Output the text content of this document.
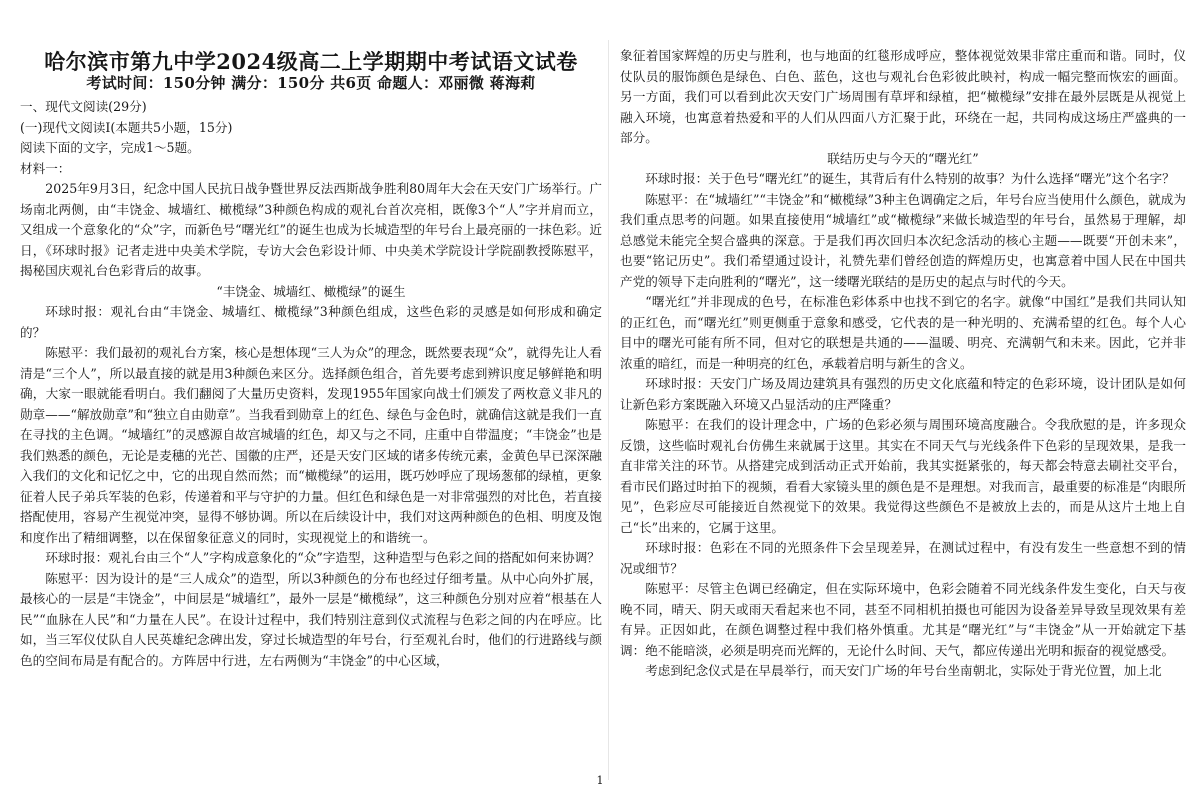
哈尔滨市第九中学2024级高二上学期期中考试语文试卷
考试时间：150分钟 满分：150分 共6页 命题人：邓丽微 蒋海莉

一、现代文阅读(29分)

(一)现代文阅读Ⅰ(本题共5小题，15分)

阅读下面的文字，完成1～5题。

材料一：

2025年9月3日，纪念中国人民抗日战争暨世界反法西斯战争胜利80周年大会在天安门广场举行。广场南北两侧，由“丰饶金、城墙红、橄榄绿”3种颜色构成的观礼台首次亮相，既像3个“人”字并肩而立，又组成一个意象化的“众”字，而新色号“曙光红”的诞生也成为长城造型的年号台上最亮丽的一抹色彩。近日，《环球时报》记者走进中央美术学院，专访大会色彩设计师、中央美术学院设计学院副教授陈慰平，揭秘国庆观礼台色彩背后的故事。

“丰饶金、城墙红、橄榄绿”的诞生

环球时报：观礼台由“丰饶金、城墙红、橄榄绿”3种颜色组成，这些色彩的灵感是如何形成和确定的？

陈慰平：我们最初的观礼台方案，核心是想体现“三人为众”的理念，既然要表现“众”，就得先让人看清是“三个人”，所以最直接的就是用3种颜色来区分。选择颜色组合，首先要考虑到辨识度足够鲜艳和明确，大家一眼就能看明白。我们翻阅了大量历史资料，发现1955年国家向战士们颁发了两枚意义非凡的勋章——“解放勋章”和“独立自由勋章”。当我看到勋章上的红色、绿色与金色时，就确信这就是我们一直在寻找的主色调。“城墙红”的灵感源自故宫城墙的红色，却又与之不同，庄重中自带温度；“丰饶金”也是我们熟悉的颜色，无论是麦穗的光芒、国徽的庄严，还是天安门区域的诸多传统元素，金黄色早已深深融入我们的文化和记忆之中，它的出现自然而然；而“橄榄绿”的运用，既巧妙呼应了现场葱郁的绿植，更象征着人民子弟兵军装的色彩，传递着和平与守护的力量。但红色和绿色是一对非常强烈的对比色，若直接搭配使用，容易产生视觉冲突，显得不够协调。所以在后续设计中，我们对这两种颜色的色相、明度及饱和度作出了精细调整，以在保留象征意义的同时，实现视觉上的和谐统一。

环球时报：观礼台由三个“人”字构成意象化的“众”字造型，这种造型与色彩之间的搭配如何来协调？

陈慰平：因为设计的是“三人成众”的造型，所以3种颜色的分布也经过仔细考量。从中心向外扩展，最核心的一层是“丰饶金”，中间层是“城墙红”，最外一层是“橄榄绿”，这三种颜色分别对应着“根基在人民”“血脉在人民”和“力量在人民”。在设计过程中，我们特别注意到仪式流程与色彩之间的内在呼应。比如，当三军仪仗队自人民英雄纪念碑出发，穿过长城造型的年号台，行至观礼台时，他们的行进路线与颜色的空间布局是有配合的。方阵居中行进，左右两侧为“丰饶金”的中心区域，

象征着国家辉煌的历史与胜利，也与地面的红毯形成呼应，整体视觉效果非常庄重而和谐。同时，仪仗队员的服饰颜色是绿色、白色、蓝色，这也与观礼台色彩彼此映衬，构成一幅完整而恢宏的画面。另一方面，我们可以看到此次天安门广场周围有草坪和绿植，把“橄榄绿”安排在最外层既是从视觉上融入环境，也寓意着热爱和平的人们从四面八方汇聚于此，环绕在一起，共同构成这场庄严盛典的一部分。

联结历史与今天的“曙光红”

环球时报：关于色号“曙光红”的诞生，其背后有什么特别的故事？为什么选择“曙光”这个名字？

陈慰平：在“城墙红”“丰饶金”和“橄榄绿”3种主色调确定之后，年号台应当使用什么颜色，就成为我们重点思考的问题。如果直接使用“城墙红”或“橄榄绿”来做长城造型的年号台，虽然易于理解，却总感觉未能完全契合盛典的深意。于是我们再次回归本次纪念活动的核心主题——既要“开创未来”，也要“铭记历史”。我们希望通过设计，礼赞先辈们曾经创造的辉煌历史，也寓意着中国人民在中国共产党的领导下走向胜利的“曙光”，这一缕曙光联结的是历史的起点与时代的今天。

“曙光红”并非现成的色号，在标准色彩体系中也找不到它的名字。就像“中国红”是我们共同认知的正红色，而“曙光红”则更侧重于意象和感受，它代表的是一种光明的、充满希望的红色。每个人心目中的曙光可能有所不同，但对它的联想是共通的——温暖、明亮、充满朝气和未来。因此，它并非浓重的暗红，而是一种明亮的红色，承载着启明与新生的含义。

环球时报：天安门广场及周边建筑具有强烈的历史文化底蕴和特定的色彩环境，设计团队是如何让新色彩方案既融入环境又凸显活动的庄严隆重？

陈慰平：在我们的设计理念中，广场的色彩必须与周围环境高度融合。令我欣慰的是，许多现众反馈，这些临时观礼台仿佛生来就属于这里。其实在不同天气与光线条件下色彩的呈现效果，是我一直非常关注的环节。从搭建完成到活动正式开始前，我其实挺紧张的，每天都会特意去刷社交平台，看市民们路过时拍下的视频，看看大家镜头里的颜色是不是理想。对我而言，最重要的标准是“肉眼所见”，色彩应尽可能接近自然视觉下的效果。我觉得这些颜色不是被放上去的，而是从这片土地上自己“长”出来的，它属于这里。

环球时报：色彩在不同的光照条件下会呈现差异，在测试过程中，有没有发生一些意想不到的情况或细节？

陈慰平：尽管主色调已经确定，但在实际环境中，色彩会随着不同光线条件发生变化，白天与夜晚不同，晴天、阴天或雨天看起来也不同，甚至不同相机拍摄也可能因为设备差异导致呈现效果有差有异。正因如此，在颜色调整过程中我们格外慎重。尤其是“曙光红”与“丰饶金”从一开始就定下基调：绝不能暗淡，必须是明亮而光辉的，无论什么时间、天气，都应传递出光明和振奋的视觉感受。

考虑到纪念仪式是在早晨举行，而天安门广场的年号台坐南朝北，实际处于背光位置，加上北

1
